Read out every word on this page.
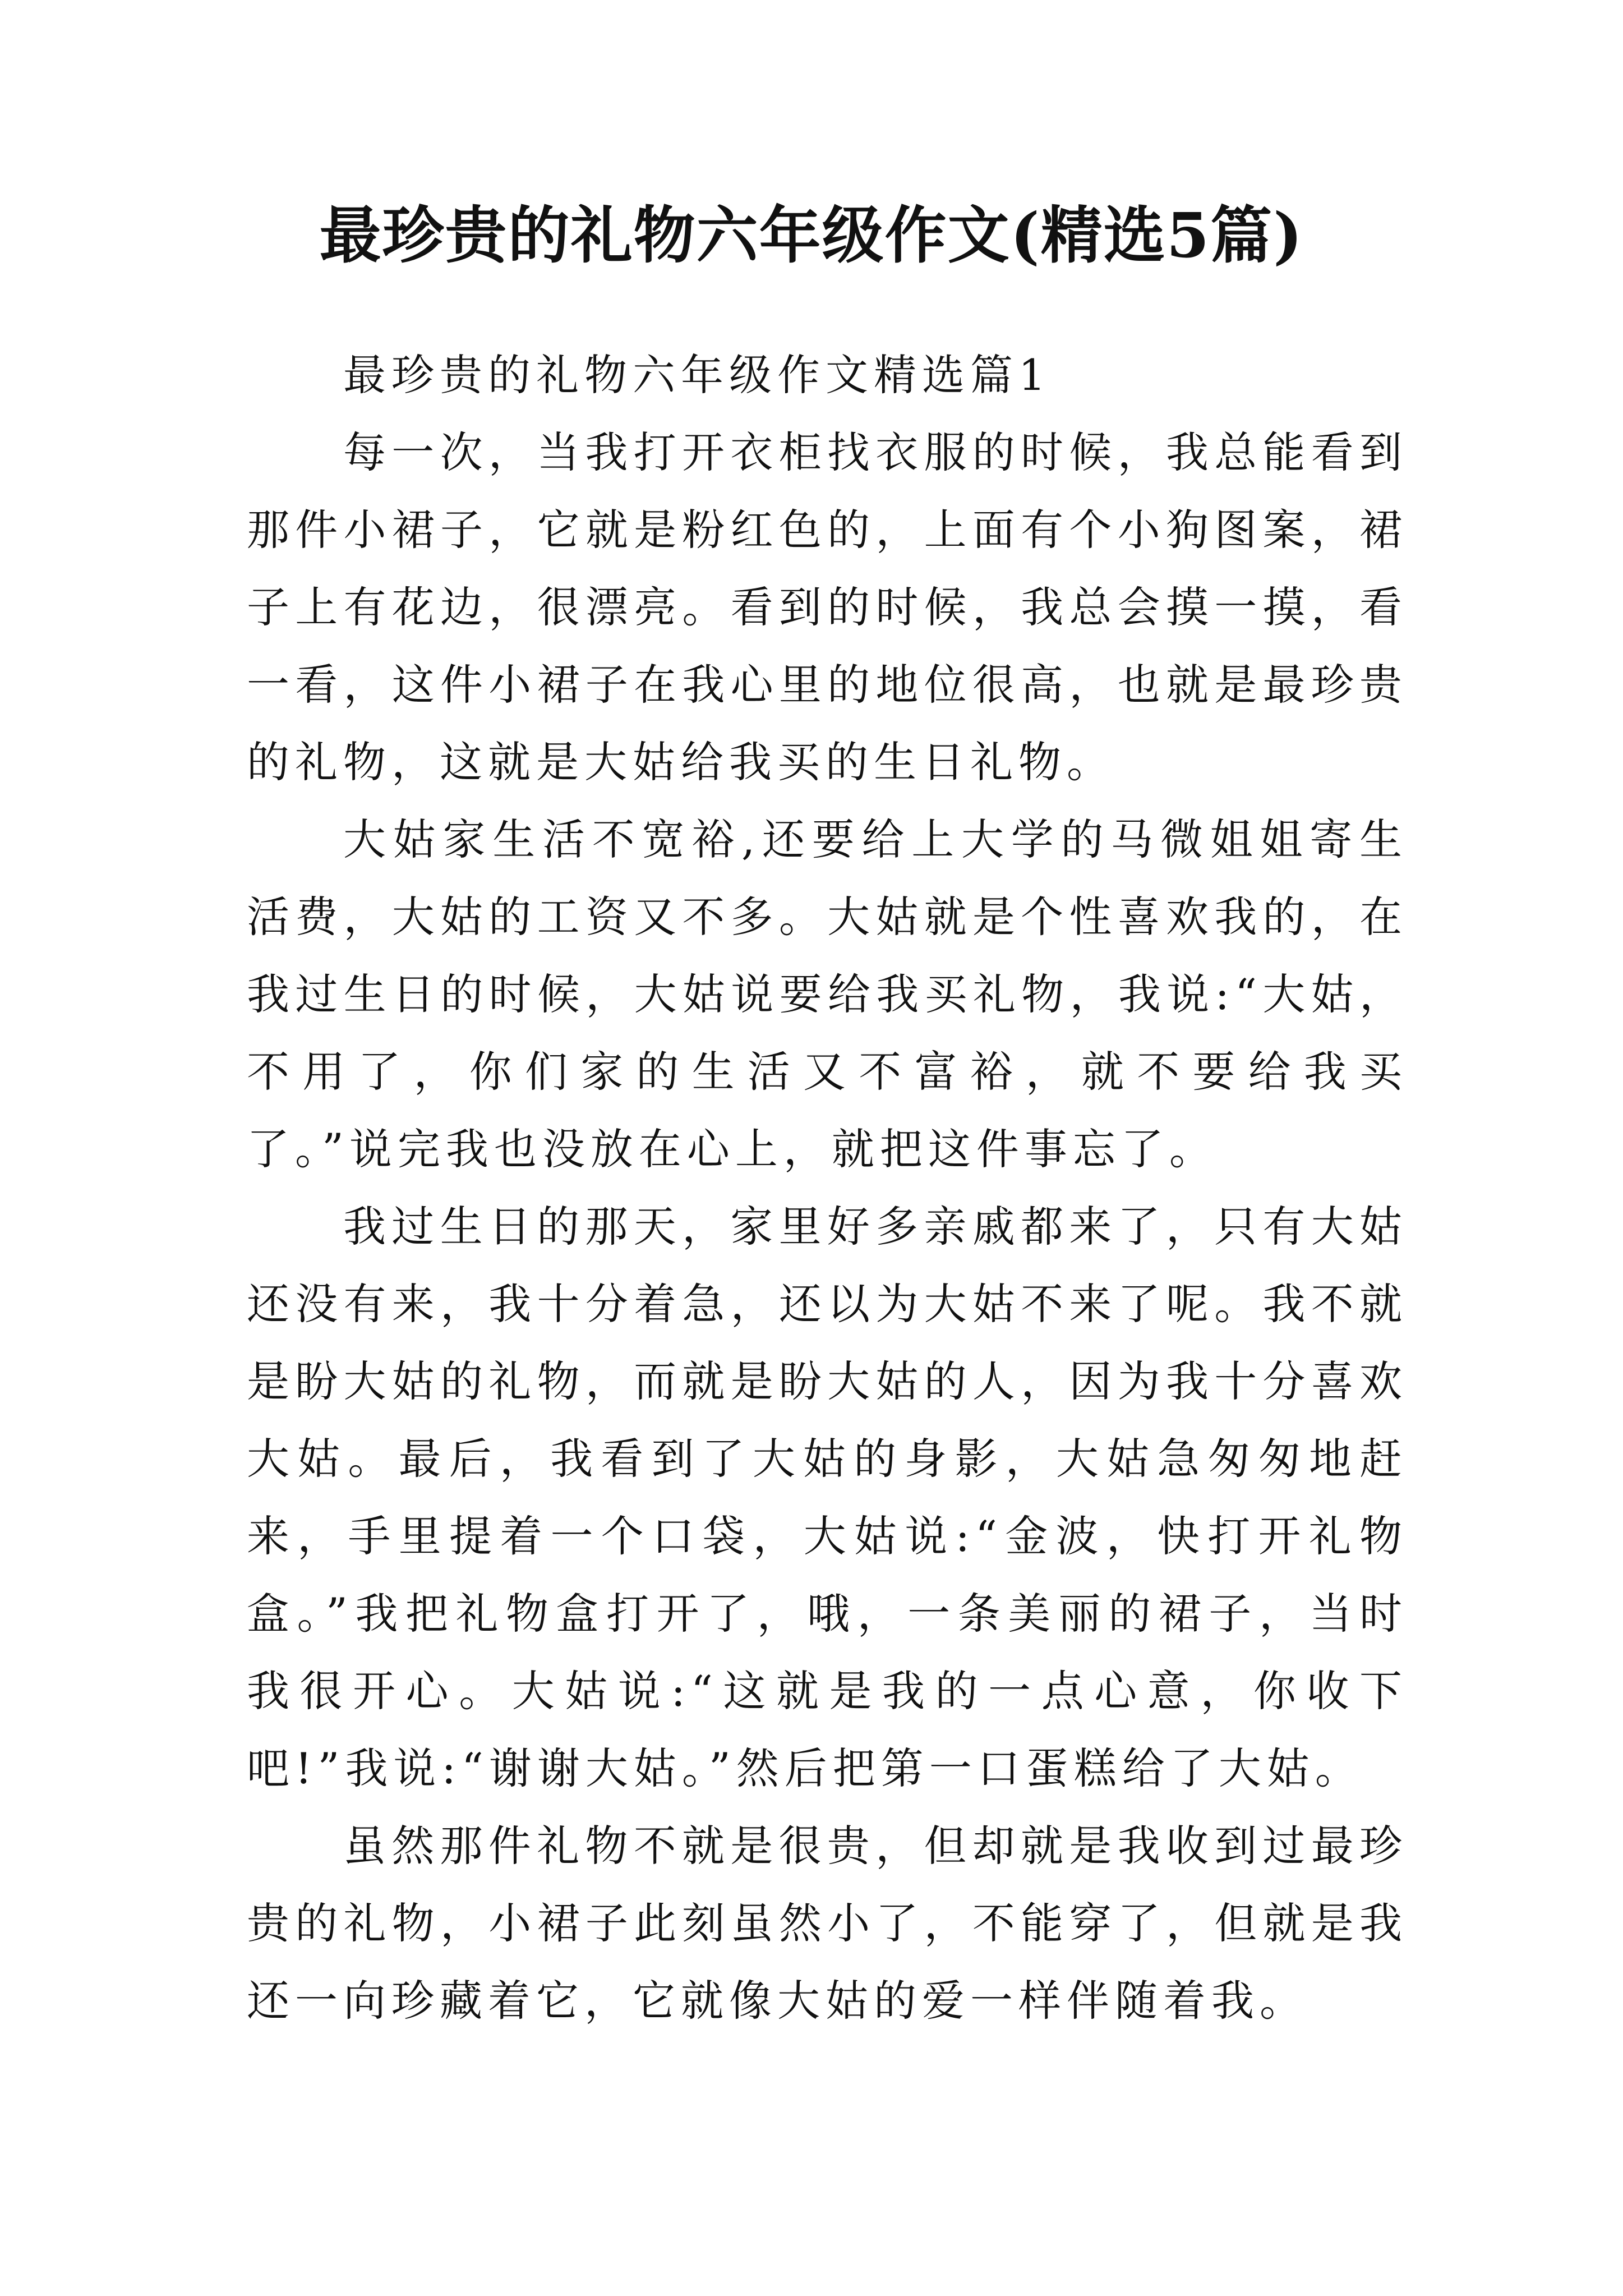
最珍贵的礼物六年级作文(精选5篇)

最珍贵的礼物六年级作文精选篇1

每一次，当我打开衣柜找衣服的时候，我总能看到那件小裙子，它就是粉红色的，上面有个小狗图案，裙子上有花边，很漂亮。看到的时候，我总会摸一摸，看一看，这件小裙子在我心里的地位很高，也就是最珍贵的礼物，这就是大姑给我买的生日礼物。

大姑家生活不宽裕,还要给上大学的马微姐姐寄生活费，大姑的工资又不多。大姑就是个性喜欢我的，在我过生日的时候，大姑说要给我买礼物，我说:“大姑，不用了，你们家的生活又不富裕，就不要给我买了。”说完我也没放在心上，就把这件事忘了。

我过生日的那天，家里好多亲戚都来了，只有大姑还没有来，我十分着急，还以为大姑不来了呢。我不就是盼大姑的礼物，而就是盼大姑的人，因为我十分喜欢大姑。最后，我看到了大姑的身影，大姑急匆匆地赶来，手里提着一个口袋，大姑说:“金波，快打开礼物盒。”我把礼物盒打开了，哦，一条美丽的裙子，当时我很开心。大姑说:“这就是我的一点心意，你收下吧!”我说:“谢谢大姑。”然后把第一口蛋糕给了大姑。

虽然那件礼物不就是很贵，但却就是我收到过最珍贵的礼物，小裙子此刻虽然小了，不能穿了，但就是我还一向珍藏着它，它就像大姑的爱一样伴随着我。
